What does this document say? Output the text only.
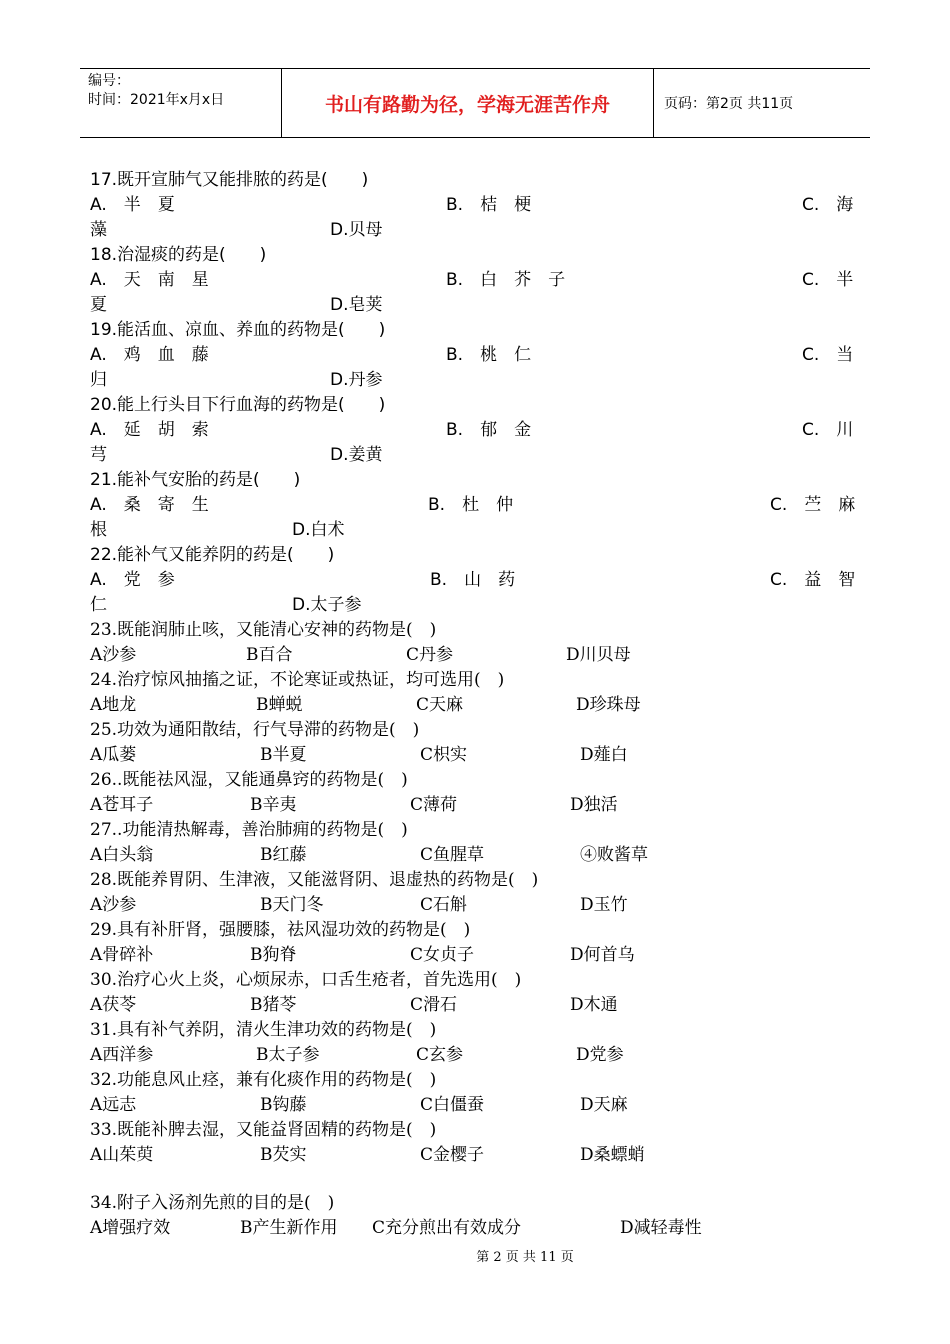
编号：
时间：2021年x月x日	书山有路勤为径，学海无涯苦作舟	页码：第2页 共11页
17.既开宣肺气又能排脓的药是(　　)
A.　半　夏	B.　桔　梗	C.　海
藻	D.贝母
18.治湿痰的药是(　　)
A.　天　南　星	B.　白　芥　子	C.　半
夏	D.皂荚
19.能活血、凉血、养血的药物是(　　)
A.　鸡　血　藤	B.　桃　仁	C.　当
归	D.丹参
20.能上行头目下行血海的药物是(　　)
A.　延　胡　索	B.　郁　金	C.　川
芎	D.姜黄
21.能补气安胎的药是(　　)
A.　桑　寄　生	B.　杜　仲	C.　苎　麻
根	D.白术
22.能补气又能养阴的药是(　　)
A.　党　参	B.　山　药	C.　益　智
仁	D.太子参
23.既能润肺止咳，又能清心安神的药物是(　)
A沙参	B百合	C丹参	D川贝母
24.治疗惊风抽搐之证，不论寒证或热证，均可选用(　)
A地龙	B蝉蜕	C天麻	D珍珠母
25.功效为通阳散结，行气导滞的药物是(　)
A瓜蒌	B半夏	C枳实	D薤白
26..既能祛风湿，又能通鼻窍的药物是(　)
A苍耳子	B辛夷	C薄荷	D独活
27..功能清热解毒，善治肺痈的药物是(　)
A白头翁	B红藤	C鱼腥草	④败酱草
28.既能养胃阴、生津液，又能滋肾阴、退虚热的药物是(　)
A沙参	B天门冬	C石斛	D玉竹
29.具有补肝肾，强腰膝，祛风湿功效的药物是(　)
A骨碎补	B狗脊	C女贞子	D何首乌
30.治疗心火上炎，心烦尿赤，口舌生疮者，首先选用(　)
A茯苓	B猪苓	C滑石	D木通
31.具有补气养阴，清火生津功效的药物是(　)
A西洋参	B太子参	C玄参	D党参
32.功能息风止痉，兼有化痰作用的药物是(　)
A远志	B钩藤	C白僵蚕	D天麻
33.既能补脾去湿，又能益肾固精的药物是(　)
A山茱萸	B芡实	C金樱子	D桑螵蛸
34.附子入汤剂先煎的目的是(　)
A增强疗效	B产生新作用 C充分煎出有效成分	D减轻毒性
第 2 页 共 11 页
